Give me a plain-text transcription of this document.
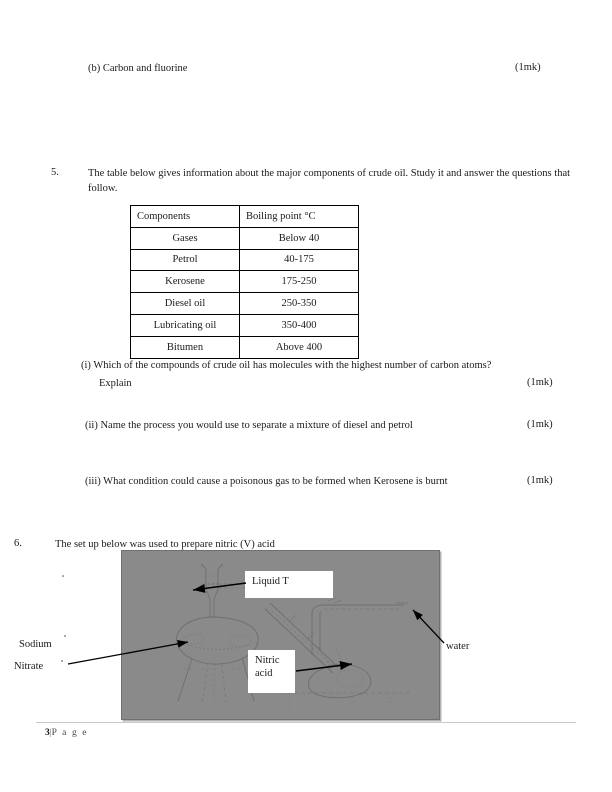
(b) Carbon and fluorine	(1mk)
5.	The table below gives information about the major components of crude oil. Study it and answer the questions that follow.
Components	Boiling point °C
Gases	Below 40
Petrol	40-175
Kerosene	175-250
Diesel oil	250-350
Lubricating oil	350-400
Bitumen	Above 400
(i) Which of the compounds of crude oil has molecules with the highest number of carbon atoms?
Explain	(1mk)
(ii) Name the process you would use to separate a mixture of diesel and petrol	(1mk)
(iii) What condition could cause a poisonous gas to be formed when Kerosene is burnt	(1mk)
6.	The set up below was used to prepare nitric (V) acid
Liquid T
Nitric
acid
Sodium
Nitrate
water
3|P a g e
